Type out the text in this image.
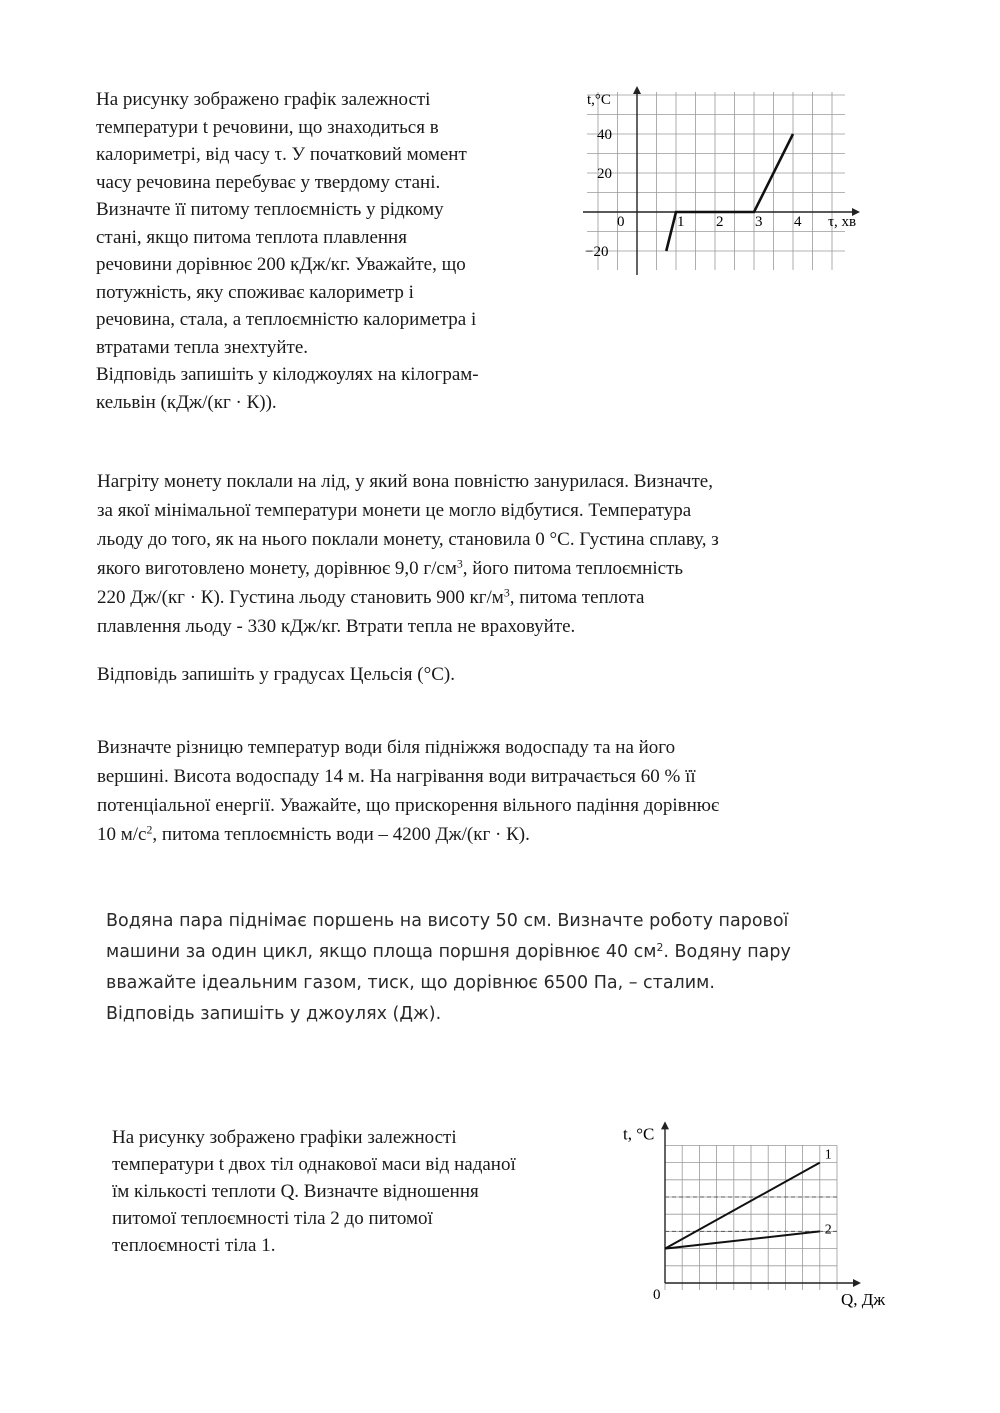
На рисунку зображено графік залежності
температури t речовини, що знаходиться в
калориметрі, від часу τ. У початковий момент
часу речовина перебуває у твердому стані.
Визначте її питому теплоємність у рідкому
стані, якщо питома теплота плавлення
речовини дорівнює 200 кДж/кг. Уважайте, що
потужність, яку споживає калориметр і
речовина, стала, а теплоємністю калориметра і
втратами тепла знехтуйте.
Відповідь запишіть у кілоджоулях на кілограм-
кельвін (кДж/(кг · К)).
t,°C
τ, хв
0	1 2 3 4
40
20
−20
Нагріту монету поклали на лід, у який вона повністю занурилася. Визначте,
за якої мінімальної температури монети це могло відбутися. Температура
льоду до того, як на нього поклали монету, становила 0 °С. Густина сплаву, з
якого виготовлено монету, дорівнює 9,0 $г/см^3$, його питома теплоємність
220 Дж/(кг · К). Густина льоду становить 900 $кг/м^3$, питома теплота
плавлення льоду - 330 кДж/кг. Втрати тепла не враховуйте.
Відповідь запишіть у градусах Цельсія (°С).
Визначте різницю температур води біля підніжжя водоспаду та на його
вершині. Висота водоспаду 14 м. На нагрівання води витрачається 60 % її
потенціальної енергії. Уважайте, що прискорення вільного падіння дорівнює
10 $м/с^2$, питома теплоємність води – 4200 Дж/(кг · К).
Водяна пара піднімає поршень на висоту 50 см. Визначте роботу парової
машини за один цикл, якщо площа поршня дорівнює 40 $см^2$. Водяну пару
вважайте ідеальним газом, тиск, що дорівнює 6500 Па, – сталим.
Відповідь запишіть у джоулях (Дж).
На рисунку зображено графіки залежності
температури t двох тіл однакової маси від наданої
їм кількості теплоти Q. Визначте відношення
питомої теплоємності тіла 2 до питомої
теплоємності тіла 1.
1
2
t, °C
0	Q, Дж
